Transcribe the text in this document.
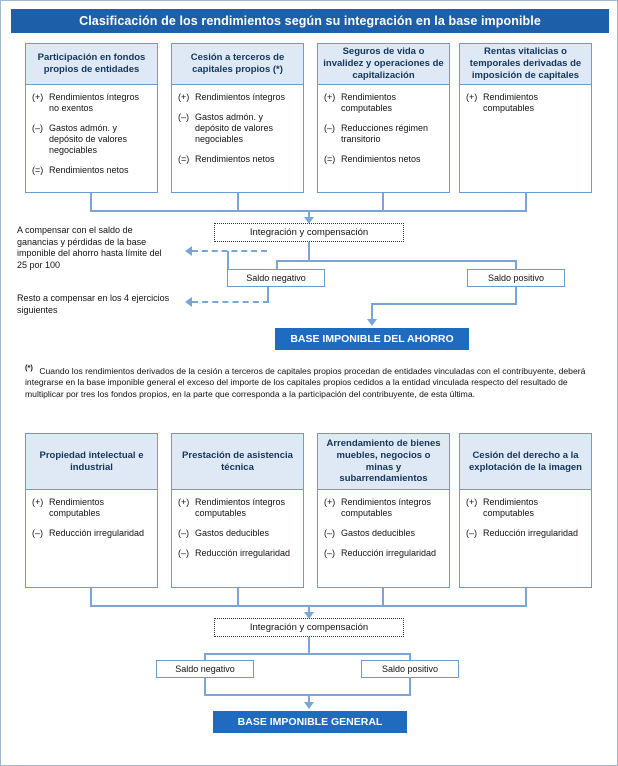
Clasificación de los rendimientos según su integración en la base imponible
Participación en fondos propios de entidades
(+) Rendimientos íntegros no exentos
(–) Gastos admón. y depósito de valores negociables
(=) Rendimientos netos
Cesión a terceros de capitales propios (*)
(+) Rendimientos íntegros
(–) Gastos admón. y depósito de valores negociables
(=) Rendimientos netos
Seguros de vida o invalidez y operaciones de capitalización
(+) Rendimientos computables
(–) Reducciones régimen transitorio
(=) Rendimientos netos
Rentas vitalicias o temporales derivadas de imposición de capitales
(+) Rendimientos computables
Integración y compensación
Saldo negativo	Saldo positivo
A compensar con el saldo de ganancias y pérdidas de la base imponible del ahorro hasta límite del 25 por 100
Resto a compensar en los 4 ejercicios siguientes
BASE IMPONIBLE DEL AHORRO
(*) Cuando los rendimientos derivados de la cesión a terceros de capitales propios procedan de entidades vinculadas con el contribuyente, deberá integrarse en la base imponible general el exceso del importe de los capitales propios cedidos a la entidad vinculada respecto del resultado de multiplicar por tres los fondos propios, en la parte que corresponda a la participación del contribuyente, de esta última.
Propiedad intelectual e industrial
(+) Rendimientos computables
(–) Reducción irregularidad
Prestación de asistencia técnica
(+) Rendimientos íntegros computables
(–) Gastos deducibles
(–) Reducción irregularidad
Arrendamiento de bienes muebles, negocios o minas y subarrendamientos
(+) Rendimientos íntegros computables
(–) Gastos deducibles
(–) Reducción irregularidad
Cesión del derecho a la explotación de la imagen
(+) Rendimientos computables
(–) Reducción irregularidad
Integración y compensación
Saldo negativo	Saldo positivo
BASE IMPONIBLE GENERAL
